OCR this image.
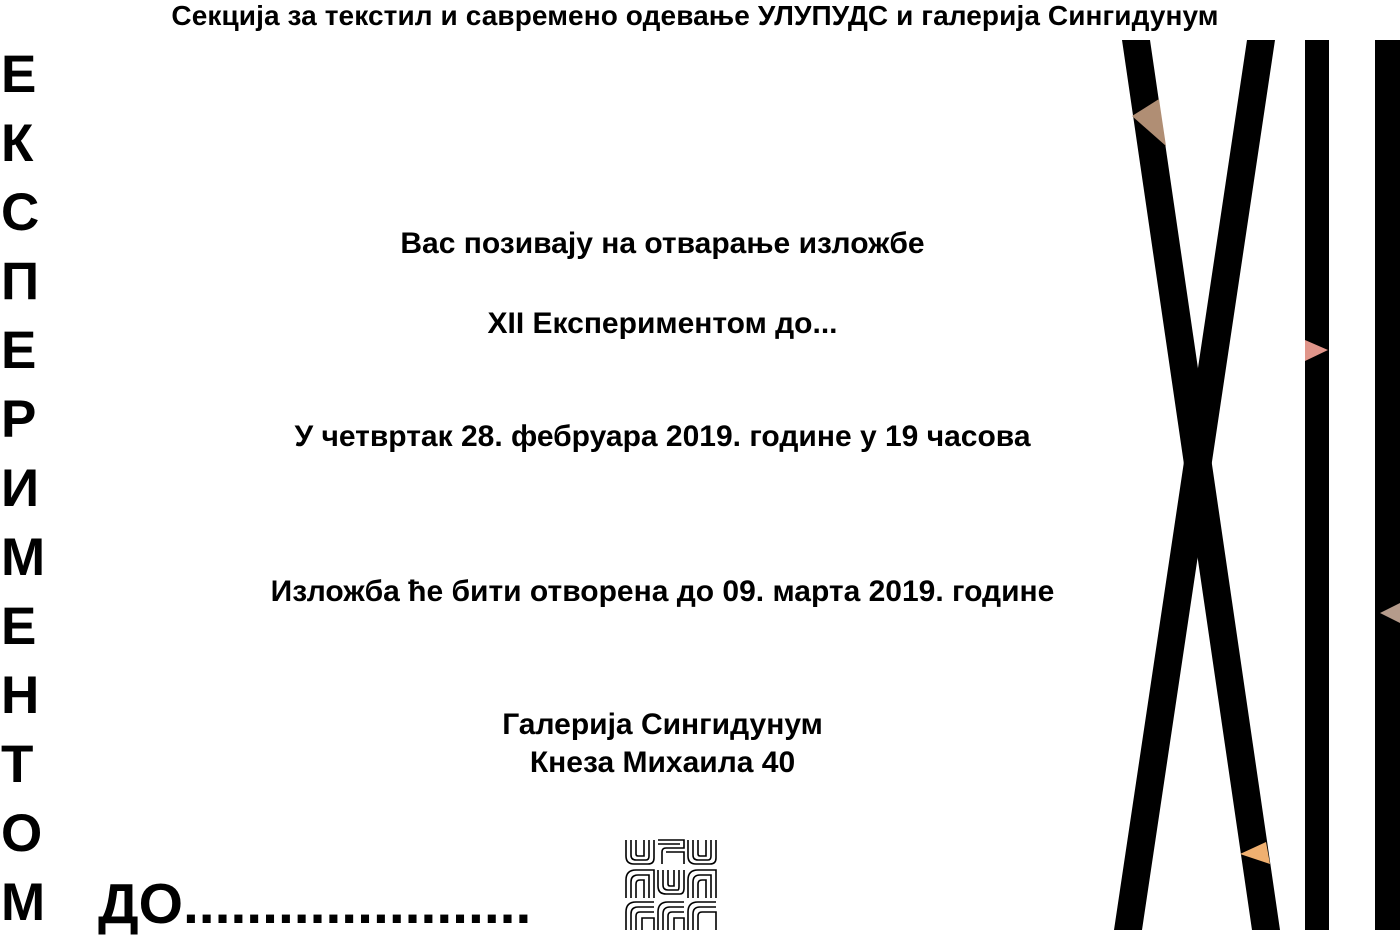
Секција за текстил и савремено одевање УЛУПУДС и галерија Сингидунум
Е
К
С
П
Е
Р
И
М
Е
Н
Т
О
М ДО......................
Вас позивају на отварање изложбе
XII Експериментом до...
У четвртак 28. фебруара 2019. године у 19 часова
Изложба ће бити отворена до 09. марта 2019. године
Галерија Сингидунум
Кнеза Михаила 40
